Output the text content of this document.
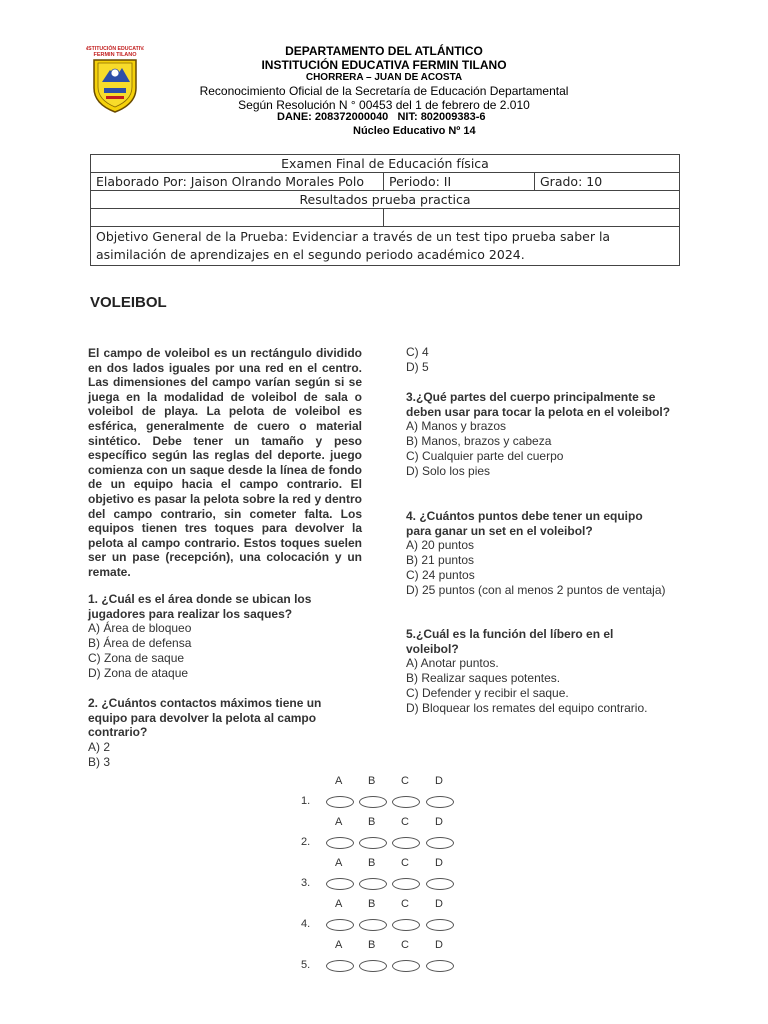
INSTITUCIÓN EDUCATIVA
FERMIN TILANO	DEPARTAMENTO DEL ATLÁNTICO
INSTITUCIÓN EDUCATIVA FERMIN TILANO
CHORRERA – JUAN DE ACOSTA
Reconocimiento Oficial de la Secretaría de Educación Departamental
Según Resolución N ° 00453 del 1 de febrero de 2.010
DANE: 208372000040   NIT: 802009383-6
Núcleo Educativo Nº 14
Examen Final de Educación física		
Elaborado Por: Jaison Olrando Morales Polo	Periodo: II	Grado: 10
Resultados prueba practica		

Objetivo General de la Prueba: Evidenciar a través de un test tipo prueba saber la asimilación de aprendizajes en el segundo periodo académico 2024.		
VOLEIBOL
El campo de voleibol es un rectángulo dividido en dos lados iguales por una red en el centro. Las dimensiones del campo varían según si se juega en la modalidad de voleibol de sala o voleibol de playa. La pelota de voleibol es esférica, generalmente de cuero o material sintético. Debe tener un tamaño y peso específico según las reglas del deporte. juego comienza con un saque desde la línea de fondo de un equipo hacia el campo contrario. El objetivo es pasar la pelota sobre la red y dentro del campo contrario, sin cometer falta. Los equipos tienen tres toques para devolver la pelota al campo contrario. Estos toques suelen ser un pase (recepción), una colocación y un remate.
1. ¿Cuál es el área donde se ubican los jugadores para realizar los saques?
A) Área de bloqueo
B) Área de defensa
C) Zona de saque
D) Zona de ataque
2. ¿Cuántos contactos máximos tiene un equipo para devolver la pelota al campo contrario?
A) 2
B) 3
C) 4
D) 5
3.¿Qué partes del cuerpo principalmente se deben usar para tocar la pelota en el voleibol?
A) Manos y brazos
B) Manos, brazos y cabeza
C) Cualquier parte del cuerpo
D) Solo los pies
4. ¿Cuántos puntos debe tener un equipo para ganar un set en el voleibol?
A) 20 puntos
B) 21 puntos
C) 24 puntos
D) 25 puntos (con al menos 2 puntos de ventaja)
5.¿Cuál es la función del líbero en el voleibol?
A) Anotar puntos.
B) Realizar saques potentes.
C) Defender y recibir el saque.
D) Bloquear los remates del equipo contrario.
A B C D
1.
A B C D
2.
A B C D
3.
A B C D
4.
A B C D
5.
